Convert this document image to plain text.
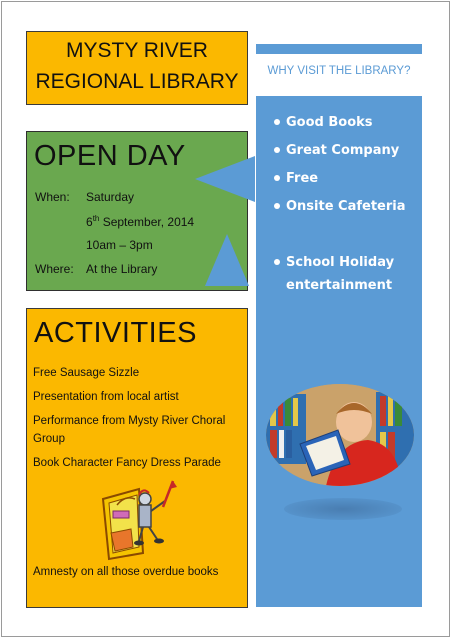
MYSTY RIVER
REGIONAL LIBRARY
OPEN DAY
When: Saturday
6th September, 2014
10am – 3pm
Where: At the Library
ACTIVITIES
Free Sausage Sizzle
Presentation from local artist
Performance from Mysty River Choral Group
Book Character Fancy Dress Parade
Amnesty on all those overdue books
WHY VISIT THE LIBRARY?
Good Books
Great Company
Free
Onsite Cafeteria
School Holiday entertainment
